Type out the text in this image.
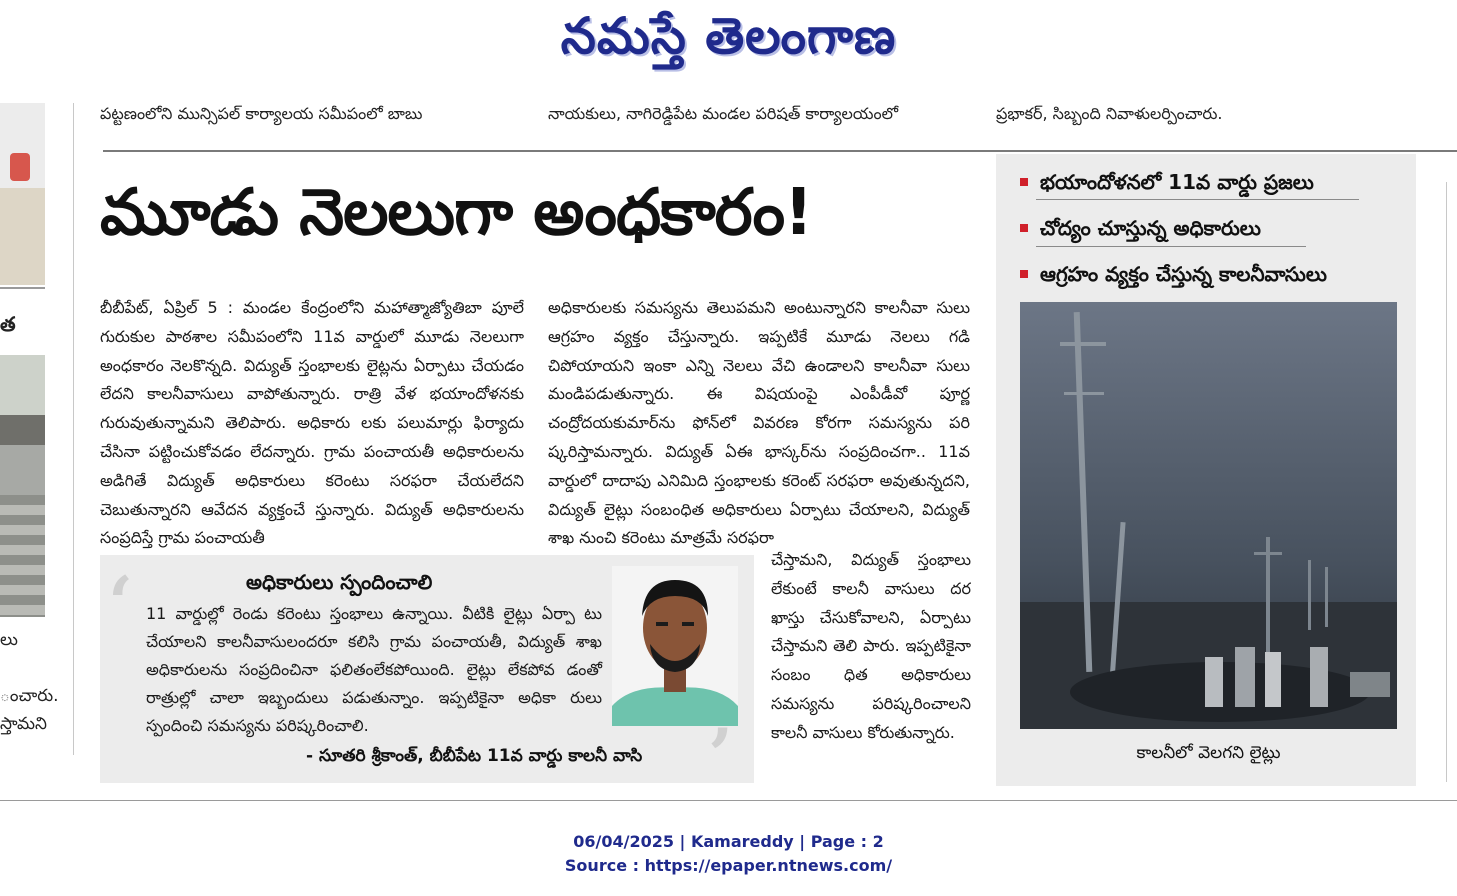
నమస్తే తెలంగాణ
త
లు
ంచారు.
స్తామని
పట్టణంలోని మున్సిపల్ కార్యాలయ సమీపంలో బాబు	నాయకులు, నాగిరెడ్డిపేట మండల పరిషత్ కార్యాలయంలో	ప్రభాకర్, సిబ్బంది నివాళులర్పించారు.
మూడు నెలలుగా అంధకారం!

బీబీపేట్, ఏప్రిల్ 5 : మండల కేంద్రంలోని మహాత్మాజ్యోతిబా పూలే గురుకుల పాఠశాల సమీపంలోని 11వ వార్డులో మూడు నెలలుగా అంధకారం నెలకొన్నది. విద్యుత్ స్తంభాలకు లైట్లను ఏర్పాటు చేయడం లేదని కాలనీవాసులు వాపోతున్నారు. రాత్రి వేళ భయాందోళనకు గురువుతున్నామని తెలిపారు. అధికారు లకు పలుమార్లు ఫిర్యాదు చేసినా పట్టించుకోవడం లేదన్నారు. గ్రామ పంచాయతీ అధికారులను అడిగితే విద్యుత్ అధికారులు కరెంటు సరఫరా చేయలేదని చెబుతున్నారని ఆవేదన వ్యక్తంచే స్తున్నారు. విద్యుత్ అధికారులను సంప్రదిస్తే గ్రామ పంచాయతీ

అధికారులకు సమస్యను తెలుపమని అంటున్నారని కాలనీవా సులు ఆగ్రహం వ్యక్తం చేస్తున్నారు. ఇప్పటికే మూడు నెలలు గడి చిపోయాయని ఇంకా ఎన్ని నెలలు వేచి ఉండాలని కాలనీవా సులు మండిపడుతున్నారు. ఈ విషయంపై ఎంపీడీవో పూర్ణ చంద్రోదయకుమార్‌ను ఫోన్‌లో వివరణ కోరగా సమస్యను పరి ష్కరిస్తామన్నారు. విద్యుత్ ఏఈ భాస్కర్‌ను సంప్రదించగా.. 11వ వార్డులో దాదాపు ఎనిమిది స్తంభాలకు కరెంట్ సరఫరా అవుతున్నదని, విద్యుత్ లైట్లు సంబంధిత అధికారులు ఏర్పాటు చేయాలని, విద్యుత్ శాఖ నుంచి కరెంటు మాత్రమే సరఫరా

చేస్తామని, విద్యుత్ స్తంభాలు లేకుంటే కాలనీ వాసులు దర ఖాస్తు చేసుకోవాలని, ఏర్పాటు చేస్తామని తెలి పారు. ఇప్పటికైనా సంబం ధిత అధికారులు సమస్యను పరిష్కరించాలని కాలనీ వాసులు కోరుతున్నారు.

‘	అధికారులు స్పందించాలి
11 వార్డుల్లో రెండు కరెంటు స్తంభాలు ఉన్నాయి. వీటికి లైట్లు ఏర్పా టు చేయాలని కాలనీవాసులందరూ కలిసి గ్రామ పంచాయతీ, విద్యుత్ శాఖ అధికారులను సంప్రదించినా ఫలితంలేకపోయింది. లైట్లు లేకపోవ డంతో రాత్రుల్లో చాలా ఇబ్బందులు పడుతున్నాం. ఇప్పటికైనా అధికా రులు స్పందించి సమస్యను పరిష్కరించాలి.
- సూతరి శ్రీకాంత్, బీబీపేట 11వ వార్డు కాలనీ వాసి ’
భయాందోళనలో 11వ వార్డు ప్రజలు
చోద్యం చూస్తున్న అధికారులు
ఆగ్రహం వ్యక్తం చేస్తున్న కాలనీవాసులు
కాలనీలో వెలగని లైట్లు
06/04/2025 | Kamareddy | Page : 2
Source : https://epaper.ntnews.com/
